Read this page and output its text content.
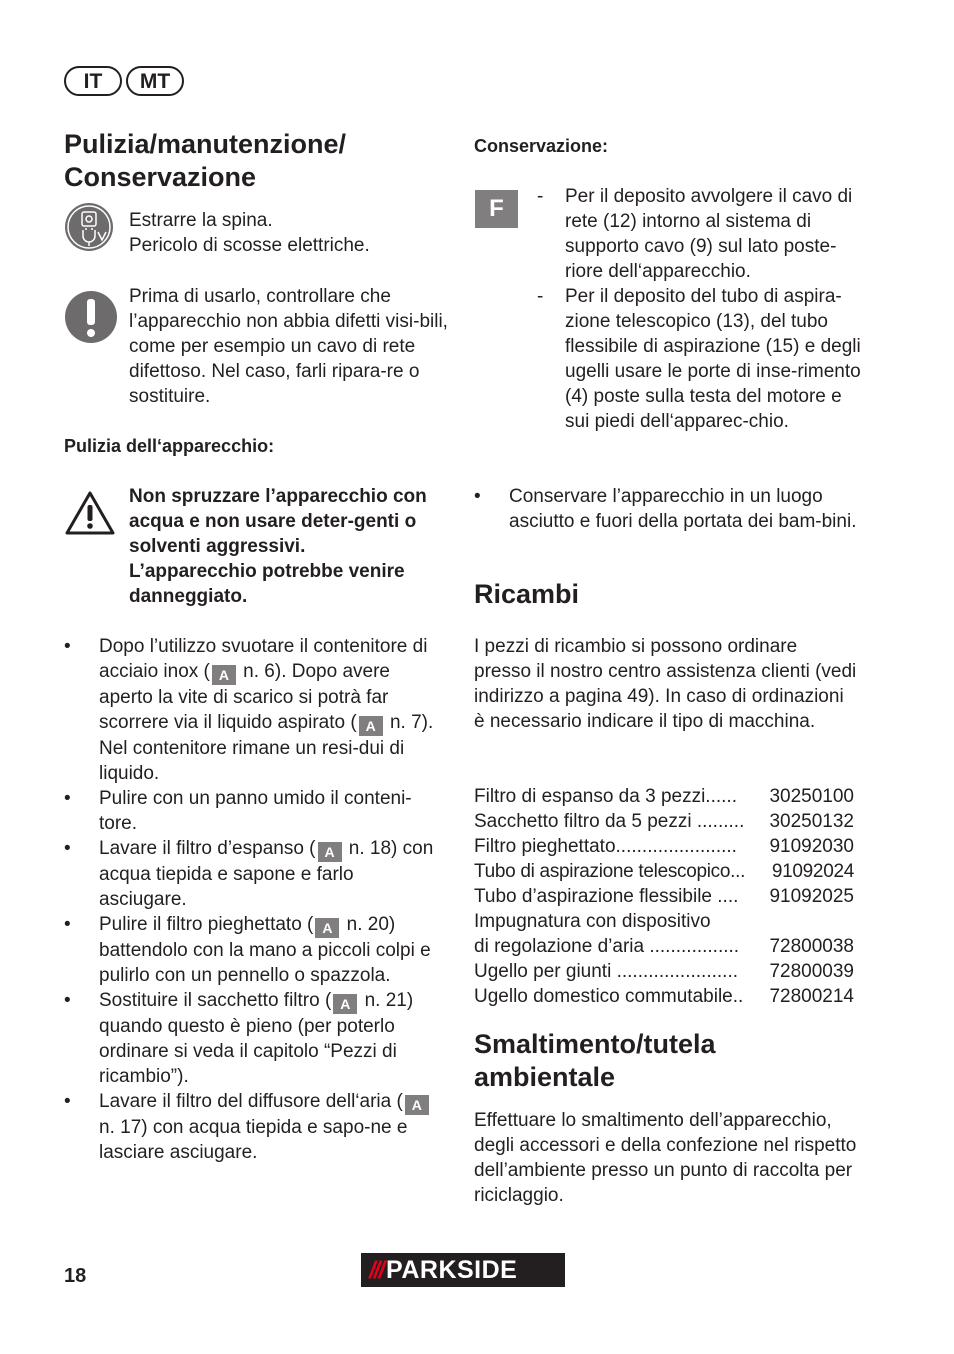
IT	MT
Pulizia/manutenzione/ Conservazione

Estrarre la spina.

Pericolo di scosse elettriche.

Prima di usarlo, controllare che l’apparecchio non abbia difetti visi-bili, come per esempio un cavo di rete difettoso. Nel caso, farli ripara-re o sostituire.

Pulizia dell‘apparecchio:

Non spruzzare l’apparecchio con acqua e non usare deter-genti o solventi aggressivi. L’apparecchio potrebbe venire danneggiato.

• Dopo l’utilizzo svuotare il contenitore di acciaio inox ( A n. 6). Dopo avere aperto la vite di scarico si potrà far scorrere via il liquido aspirato ( A n. 7). Nel contenitore rimane un resi-dui di liquido.
• Pulire con un panno umido il conteni-tore.
• Lavare il filtro d’espanso ( A n. 18) con acqua tiepida e sapone e farlo asciugare.
• Pulire il filtro pieghettato ( A n. 20) battendolo con la mano a piccoli colpi e pulirlo con un pennello o spazzola.
• Sostituire il sacchetto filtro ( A n. 21) quando questo è pieno (per poterlo ordinare si veda il capitolo “Pezzi di ricambio”).
• Lavare il filtro del diffusore dell‘aria ( A n. 17) con acqua tiepida e sapo-ne e lasciare asciugare.

Conservazione:

F	- Per il deposito avvolgere il cavo di rete (12) intorno al sistema di supporto cavo (9) sul lato poste-riore dell‘apparecchio.
- Per il deposito del tubo di aspira-zione telescopico (13), del tubo flessibile di aspirazione (15) e degli ugelli usare le porte di inse-rimento (4) poste sulla testa del motore e sui piedi dell‘apparec-chio.
• Conservare l’apparecchio in un luogo asciutto e fuori della portata dei bam-bini.
Ricambi

I pezzi di ricambio si possono ordinare presso il nostro centro assistenza clienti (vedi indirizzo a pagina 49). In caso di ordinazioni è necessario indicare il tipo di macchina.

Filtro di espanso da 3 pezzi...... 30250100
Sacchetto filtro da 5 pezzi ......... 30250132
Filtro pieghettato....................... 91092030
Tubo di aspirazione telescopico... 91092024
Tubo d’aspirazione flessibile .... 91092025
Impugnatura con dispositivo
di regolazione d’aria ................. 72800038
Ugello per giunti ....................... 72800039
Ugello domestico commutabile.. 72800214
Smaltimento/tutela ambientale

Effettuare lo smaltimento dell’apparecchio, degli accessori e della confezione nel rispetto dell’ambiente presso un punto di raccolta per riciclaggio.

18	/// PARKSIDE
